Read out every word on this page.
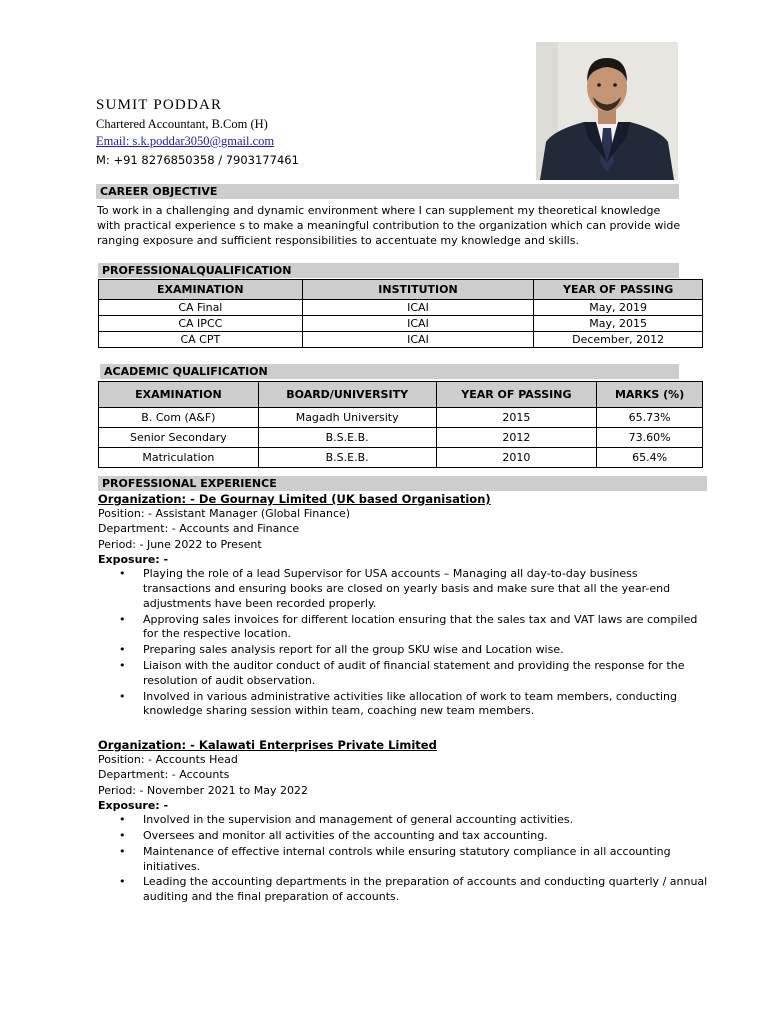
SUMIT PODDAR
Chartered Accountant, B.Com (H)
Email: s.k.poddar3050@gmail.com
M: +91 8276850358 / 7903177461
CAREER OBJECTIVE

To work in a challenging and dynamic environment where I can supplement my theoretical knowledge

with practical experience s to make a meaningful contribution to the organization which can provide wide

ranging exposure and sufficient responsibilities to accentuate my knowledge and skills.

PROFESSIONALQUALIFICATION
EXAMINATION	INSTITUTION	YEAR OF PASSING
CA Final	ICAI	May, 2019
CA IPCC	ICAI	May, 2015
CA CPT	ICAI	December, 2012
ACADEMIC QUALIFICATION
EXAMINATION	BOARD/UNIVERSITY	YEAR OF PASSING	MARKS (%)
B. Com (A&F)	Magadh University	2015	65.73%
Senior Secondary	B.S.E.B.	2012	73.60%
Matriculation	B.S.E.B.	2010	65.4%
PROFESSIONAL EXPERIENCE
Organization: - De Gournay Limited (UK based Organisation)
Position: - Assistant Manager (Global Finance)
Department: - Accounts and Finance
Period: - June 2022 to Present
Exposure: -
• Playing the role of a lead Supervisor for USA accounts – Managing all day-to-day business transactions and ensuring books are closed on yearly basis and make sure that all the year-end adjustments have been recorded properly.
• Approving sales invoices for different location ensuring that the sales tax and VAT laws are compiled for the respective location.
• Preparing sales analysis report for all the group SKU wise and Location wise.
• Liaison with the auditor conduct of audit of financial statement and providing the response for the resolution of audit observation.
• Involved in various administrative activities like allocation of work to team members, conducting knowledge sharing session within team, coaching new team members.
Organization: - Kalawati Enterprises Private Limited
Position: - Accounts Head
Department: - Accounts
Period: - November 2021 to May 2022
Exposure: -
• Involved in the supervision and management of general accounting activities.
• Oversees and monitor all activities of the accounting and tax accounting.
• Maintenance of effective internal controls while ensuring statutory compliance in all accounting initiatives.
• Leading the accounting departments in the preparation of accounts and conducting quarterly / annual auditing and the final preparation of accounts.
